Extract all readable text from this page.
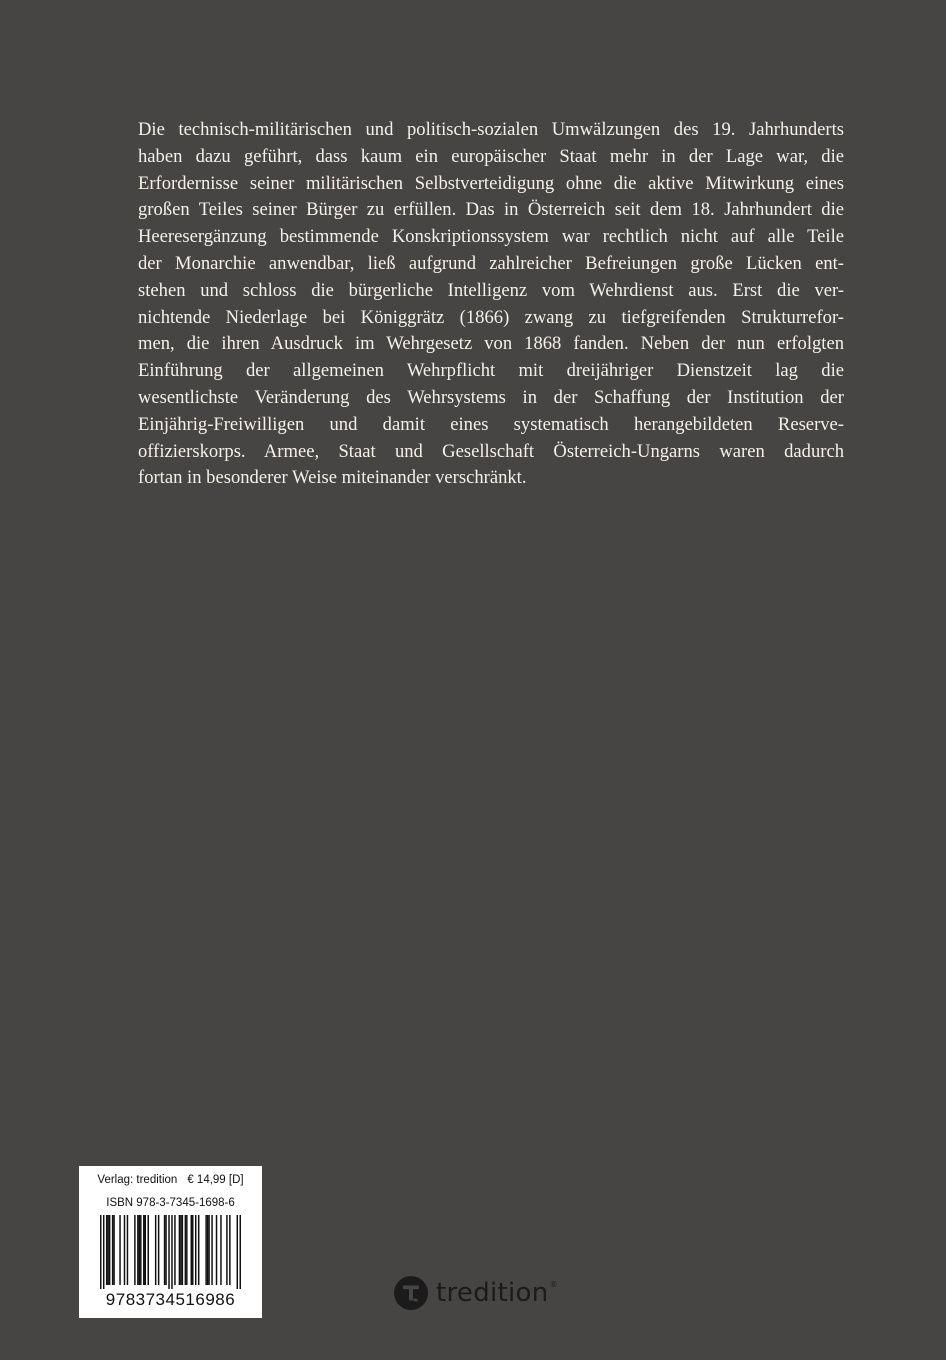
Die technisch-militärischen und politisch-sozialen Umwälzungen des 19. Jahrhunderts
haben dazu geführt, dass kaum ein europäischer Staat mehr in der Lage war, die
Erfordernisse seiner militärischen Selbstverteidigung ohne die aktive Mitwirkung eines
großen Teiles seiner Bürger zu erfüllen. Das in Österreich seit dem 18. Jahrhundert die
Heeresergänzung bestimmende Konskriptionssystem war rechtlich nicht auf alle Teile
der Monarchie anwendbar, ließ aufgrund zahlreicher Befreiungen große Lücken ent-
stehen und schloss die bürgerliche Intelligenz vom Wehrdienst aus. Erst die ver-
nichtende Niederlage bei Königgrätz (1866) zwang zu tiefgreifenden Strukturrefor-
men, die ihren Ausdruck im Wehrgesetz von 1868 fanden. Neben der nun erfolgten
Einführung der allgemeinen Wehrpflicht mit dreijähriger Dienstzeit lag die
wesentlichste Veränderung des Wehrsystems in der Schaffung der Institution der
Einjährig-Freiwilligen und damit eines systematisch herangebildeten Reserve-
offizierskorps. Armee, Staat und Gesellschaft Österreich-Ungarns waren dadurch
fortan in besonderer Weise miteinander verschränkt.
Verlag: tredition € 14,99 [D]
ISBN 978-3-7345-1698-6
9783734516986	tredition ®
